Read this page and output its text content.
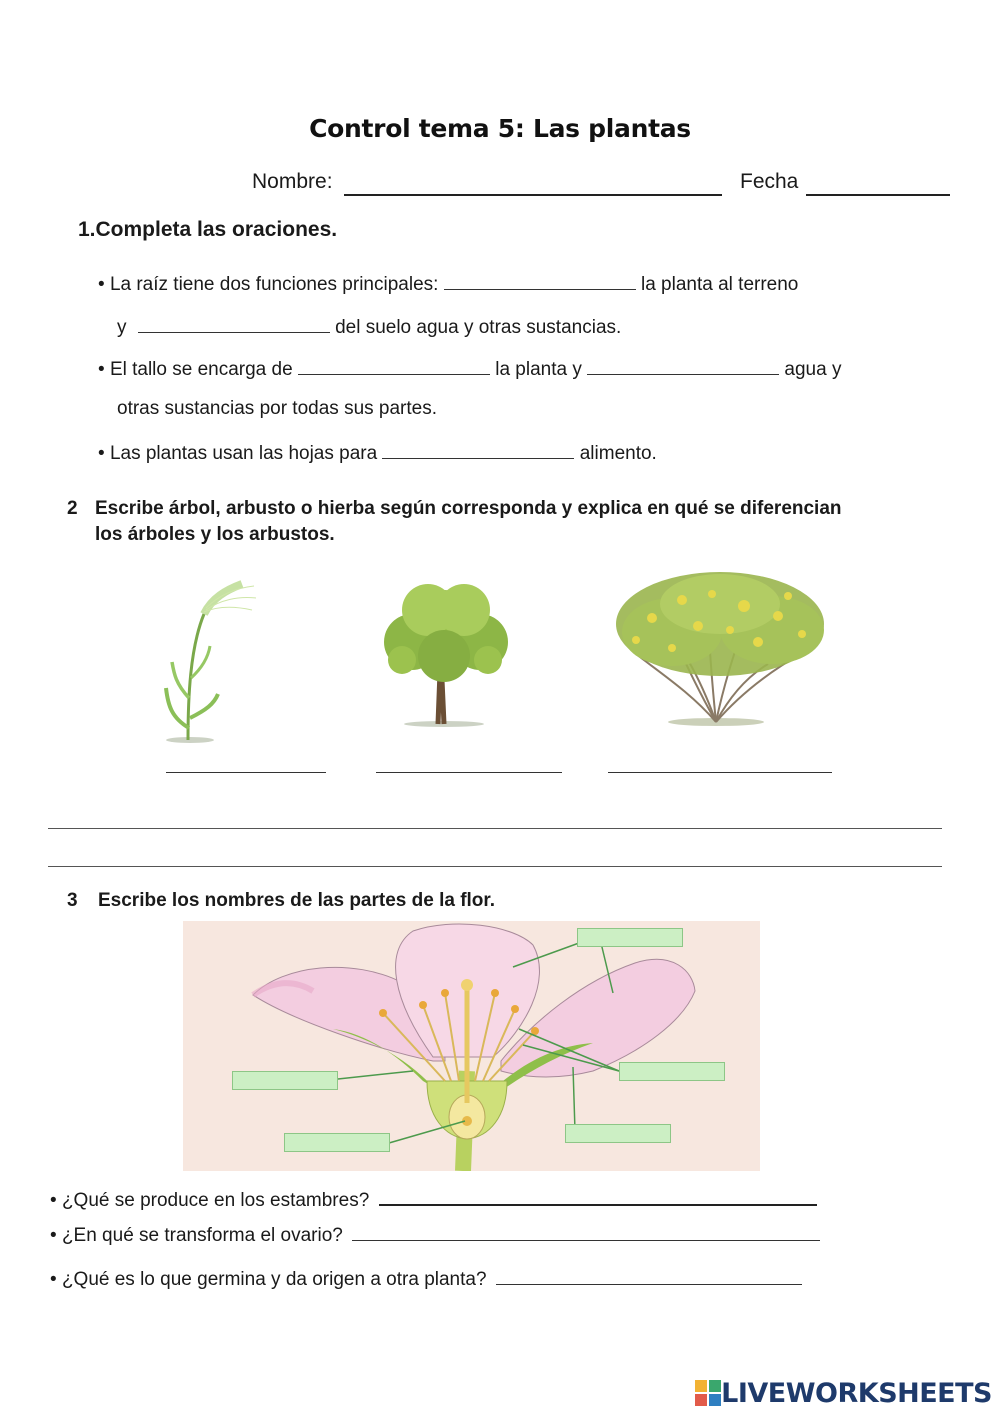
Control tema 5: Las plantas
Nombre:	Fecha
1.Completa las oraciones.
• La raíz tiene dos funciones principales:	la planta al terreno
y	del suelo agua y otras sustancias.
• El tallo se encarga de	la planta y	agua y
otras sustancias por todas sus partes.
• Las plantas usan las hojas para	alimento.
2 Escribe árbol, arbusto o hierba según corresponda y explica en qué se diferencian
los árboles y los arbustos.
3 Escribe los nombres de las partes de la flor.
• ¿Qué se produce en los estambres?
• ¿En qué se transforma el ovario?
• ¿Qué es lo que germina y da origen a otra planta?
LIVEWORKSHEETS
